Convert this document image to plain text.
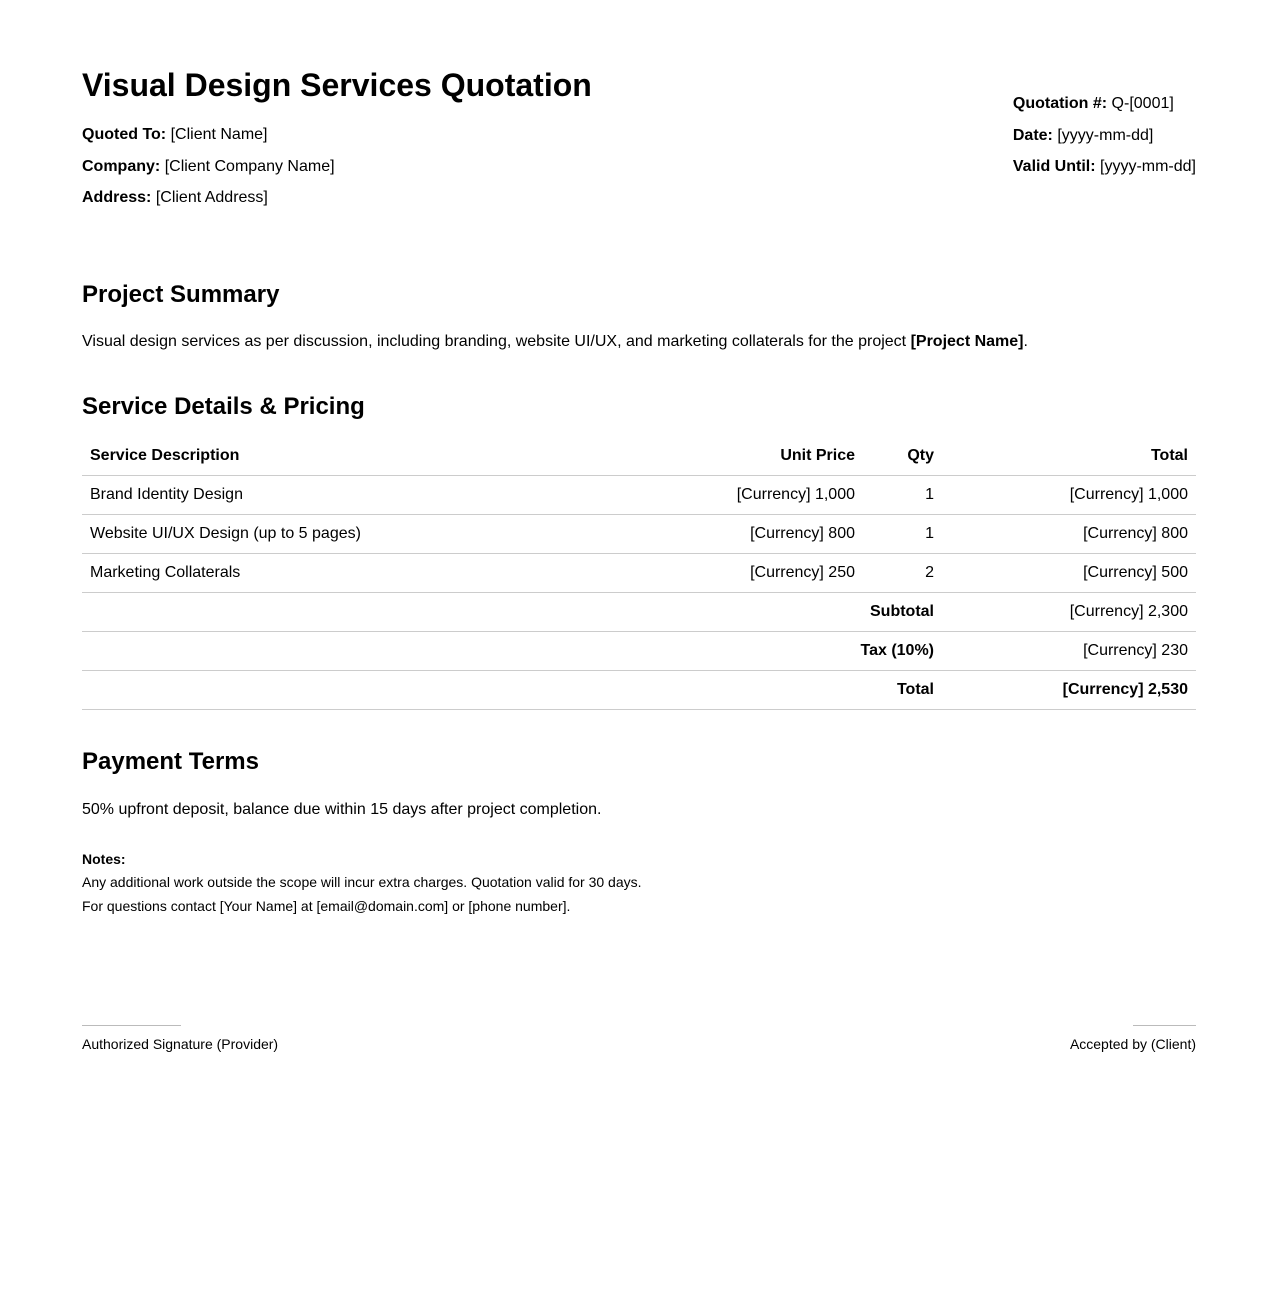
Visual Design Services Quotation
Quoted To: [Client Name]
Company: [Client Company Name]
Address: [Client Address]
Quotation #: Q-[0001]
Date: [yyyy-mm-dd]
Valid Until: [yyyy-mm-dd]
Project Summary
Visual design services as per discussion, including branding, website UI/UX, and marketing collaterals for the project [Project Name].
Service Details & Pricing
Service Description	Unit Price	Qty	Total
Brand Identity Design	[Currency] 1,000	1	[Currency] 1,000
Website UI/UX Design (up to 5 pages)	[Currency] 800	1	[Currency] 800
Marketing Collaterals	[Currency] 250	2	[Currency] 500
Subtotal			[Currency] 2,300
Tax (10%)			[Currency] 230
Total			[Currency] 2,530
Payment Terms
50% upfront deposit, balance due within 15 days after project completion.
Notes:
Any additional work outside the scope will incur extra charges. Quotation valid for 30 days.
For questions contact [Your Name] at [email@domain.com] or [phone number].
Authorized Signature (Provider)	Accepted by (Client)
